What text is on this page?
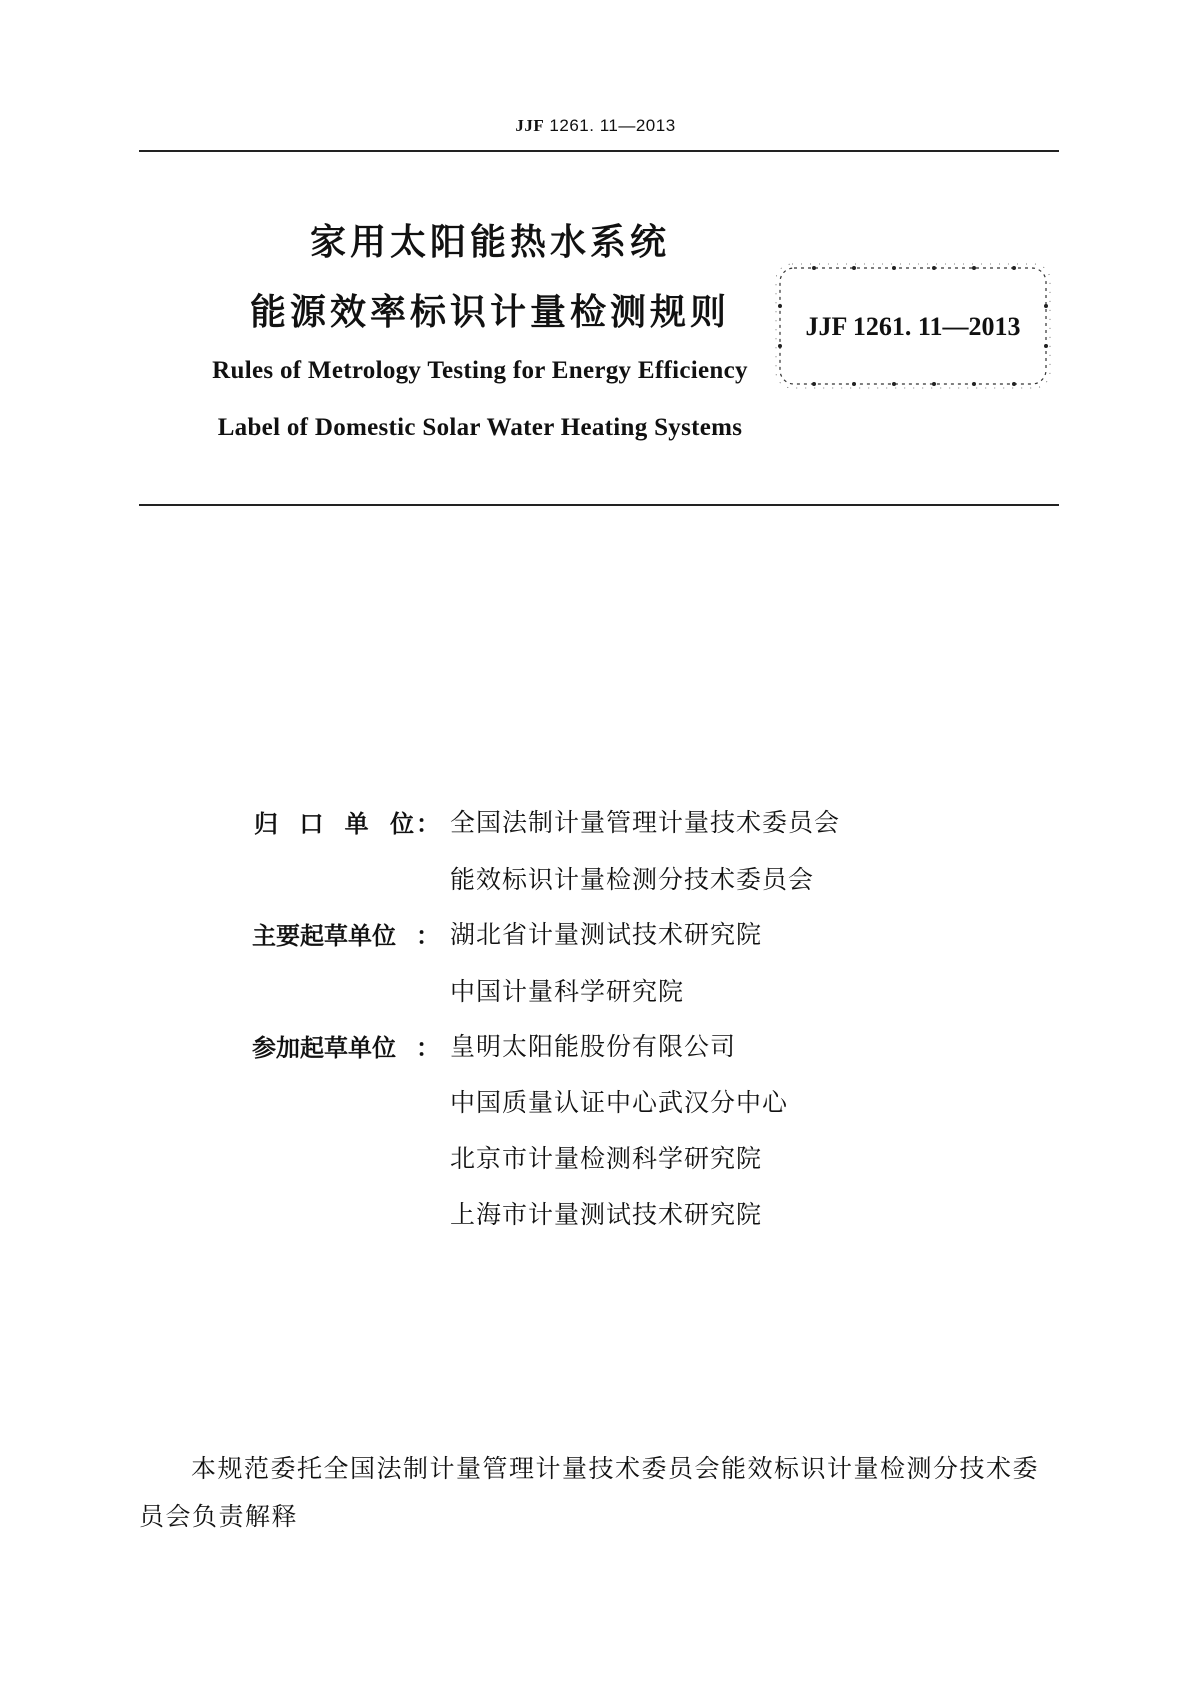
JJF 1261. 11—2013
家用太阳能热水系统
能源效率标识计量检测规则
Rules of Metrology Testing for Energy Efficiency
Label of Domestic Solar Water Heating Systems
JJF 1261. 11—2013
归口单位 ： 全国法制计量管理计量技术委员会
能效标识计量检测分技术委员会
主要起草单位 ： 湖北省计量测试技术研究院
中国计量科学研究院
参加起草单位 ： 皇明太阳能股份有限公司
中国质量认证中心武汉分中心
北京市计量检测科学研究院
上海市计量测试技术研究院
本规范委托全国法制计量管理计量技术委员会能效标识计量检测分技术委员会负责解释
